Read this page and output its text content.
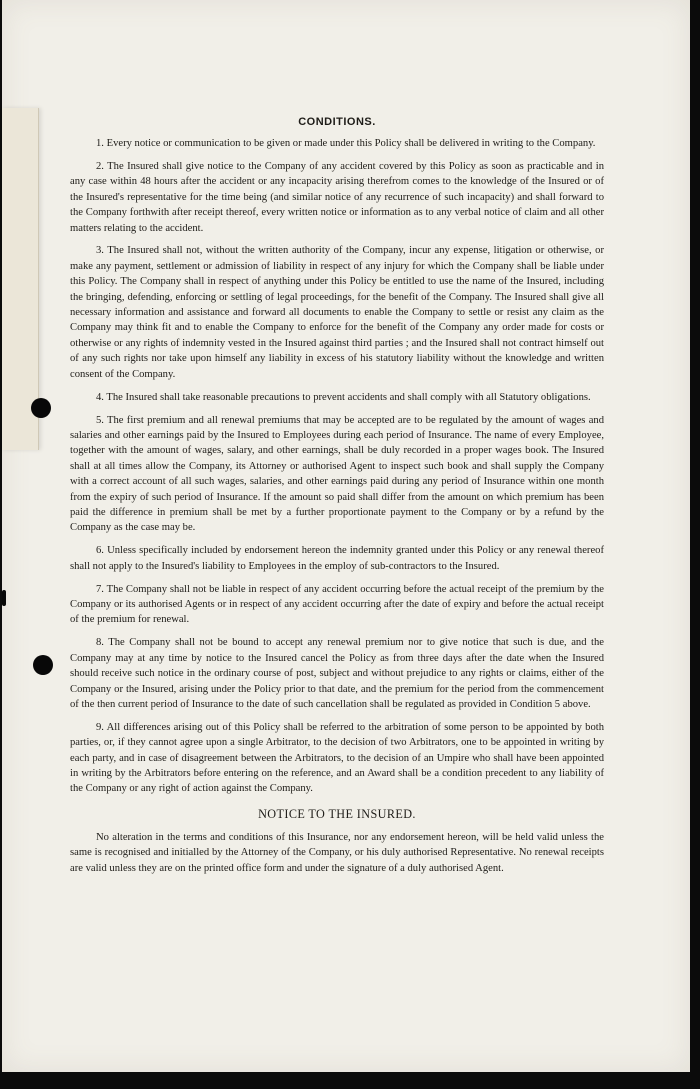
CONDITIONS.

1. Every notice or communication to be given or made under this Policy shall be delivered in writing to the Company.

2. The Insured shall give notice to the Company of any accident covered by this Policy as soon as practicable and in any case within 48 hours after the accident or any incapacity arising therefrom comes to the knowledge of the Insured or of the Insured's representative for the time being (and similar notice of any recurrence of such incapacity) and shall forward to the Company forthwith after receipt thereof, every written notice or information as to any verbal notice of claim and all other matters relating to the accident.

3. The Insured shall not, without the written authority of the Company, incur any expense, litigation or otherwise, or make any payment, settlement or admission of liability in respect of any injury for which the Company shall be liable under this Policy. The Company shall in respect of anything under this Policy be entitled to use the name of the Insured, including the bringing, defending, enforcing or settling of legal proceedings, for the benefit of the Company. The Insured shall give all necessary information and assistance and forward all documents to enable the Company to settle or resist any claim as the Company may think fit and to enable the Company to enforce for the benefit of the Company any order made for costs or otherwise or any rights of indemnity vested in the Insured against third parties ; and the Insured shall not contract himself out of any such rights nor take upon himself any liability in excess of his statutory liability without the knowledge and written consent of the Company.

4. The Insured shall take reasonable precautions to prevent accidents and shall comply with all Statutory obligations.

5. The first premium and all renewal premiums that may be accepted are to be regulated by the amount of wages and salaries and other earnings paid by the Insured to Employees during each period of Insurance. The name of every Employee, together with the amount of wages, salary, and other earnings, shall be duly recorded in a proper wages book. The Insured shall at all times allow the Company, its Attorney or authorised Agent to inspect such book and shall supply the Company with a correct account of all such wages, salaries, and other earnings paid during any period of Insurance within one month from the expiry of such period of Insurance. If the amount so paid shall differ from the amount on which premium has been paid the difference in premium shall be met by a further proportionate payment to the Company or by a refund by the Company as the case may be.

6. Unless specifically included by endorsement hereon the indemnity granted under this Policy or any renewal thereof shall not apply to the Insured's liability to Employees in the employ of sub-contractors to the Insured.

7. The Company shall not be liable in respect of any accident occurring before the actual receipt of the premium by the Company or its authorised Agents or in respect of any accident occurring after the date of expiry and before the actual receipt of the premium for renewal.

8. The Company shall not be bound to accept any renewal premium nor to give notice that such is due, and the Company may at any time by notice to the Insured cancel the Policy as from three days after the date when the Insured should receive such notice in the ordinary course of post, subject and without prejudice to any rights or claims, either of the Company or the Insured, arising under the Policy prior to that date, and the premium for the period from the commencement of the then current period of Insurance to the date of such cancellation shall be regulated as provided in Condition 5 above.

9. All differences arising out of this Policy shall be referred to the arbitration of some person to be appointed by both parties, or, if they cannot agree upon a single Arbitrator, to the decision of two Arbitrators, one to be appointed in writing by each party, and in case of disagreement between the Arbitrators, to the decision of an Umpire who shall have been appointed in writing by the Arbitrators before entering on the reference, and an Award shall be a condition precedent to any liability of the Company or any right of action against the Company.

NOTICE TO THE INSURED.

No alteration in the terms and conditions of this Insurance, nor any endorsement hereon, will be held valid unless the same is recognised and initialled by the Attorney of the Company, or his duly authorised Representative. No renewal receipts are valid unless they are on the printed office form and under the signature of a duly authorised Agent.
